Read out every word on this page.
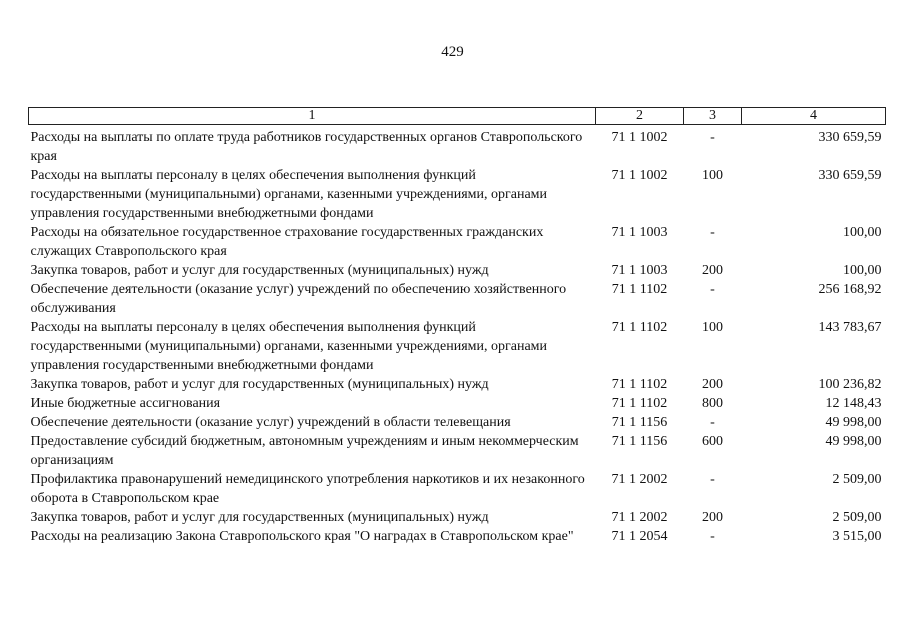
429
1	2	3	4
Расходы на выплаты по оплате труда работников государственных органов Ставропольского края	71 1 1002	-	330 659,59
Расходы на выплаты персоналу в целях обеспечения выполнения функций государственными (муниципальными) органами, казенными учреждениями, органами управления государственными внебюджетными фондами	71 1 1002	100	330 659,59
Расходы на обязательное государственное страхование государственных гражданских служащих Ставропольского края	71 1 1003	-	100,00
Закупка товаров, работ и услуг для государственных (муниципальных) нужд	71 1 1003	200	100,00
Обеспечение деятельности (оказание услуг) учреждений по обеспечению хозяйственного обслуживания	71 1 1102	-	256 168,92
Расходы на выплаты персоналу в целях обеспечения выполнения функций государственными (муниципальными) органами, казенными учреждениями, органами управления государственными внебюджетными фондами	71 1 1102	100	143 783,67
Закупка товаров, работ и услуг для государственных (муниципальных) нужд	71 1 1102	200	100 236,82
Иные бюджетные ассигнования	71 1 1102	800	12 148,43
Обеспечение деятельности (оказание услуг) учреждений в области телевещания	71 1 1156	-	49 998,00
Предоставление субсидий бюджетным, автономным учреждениям и иным некоммерческим организациям	71 1 1156	600	49 998,00
Профилактика правонарушений немедицинского употребления наркотиков и их незаконного оборота в Ставропольском крае	71 1 2002	-	2 509,00
Закупка товаров, работ и услуг для государственных (муниципальных) нужд	71 1 2002	200	2 509,00
Расходы на реализацию Закона Ставропольского края "О наградах в Ставропольском крае"	71 1 2054	-	3 515,00
